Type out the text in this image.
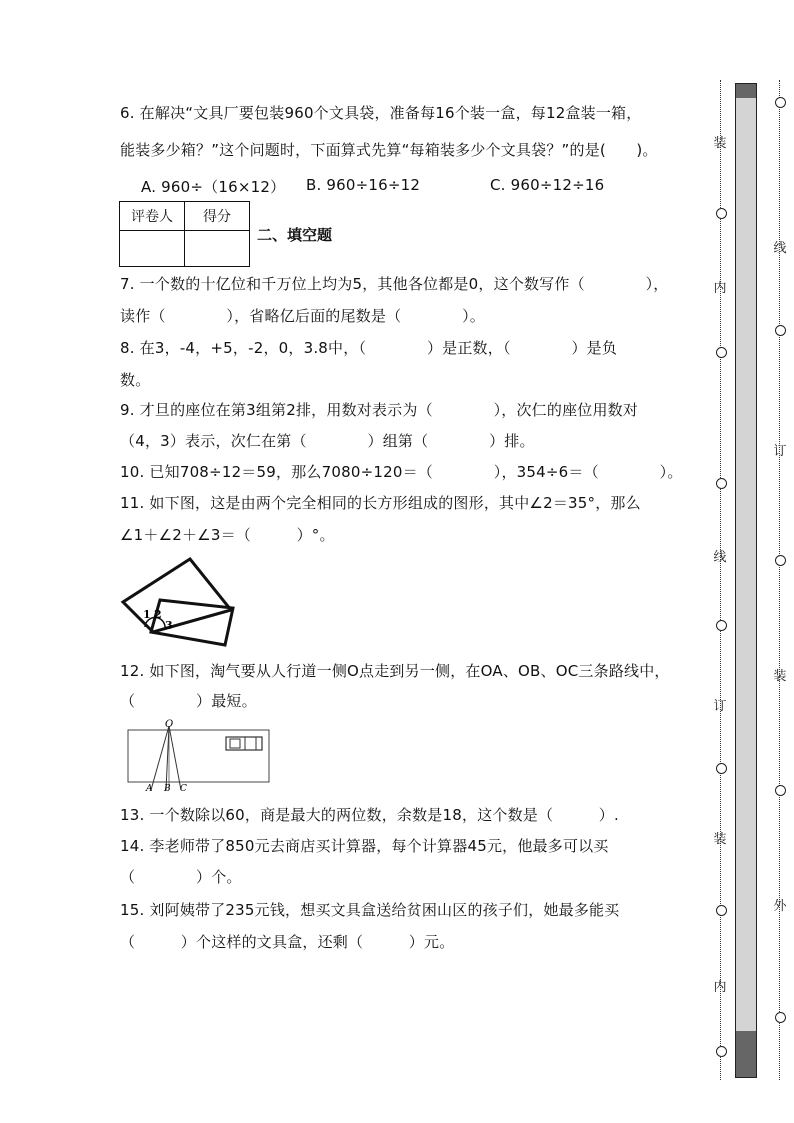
6. 在解决“文具厂要包装960个文具袋，准备每16个装一盒，每12盒装一箱，
能装多少箱？”这个问题时，下面算式先算“每箱装多少个文具袋？”的是(　　)。
A. 960÷（16×12） B. 960÷16÷12	C. 960÷12÷16
评卷人	得分

二、填空题
7. 一个数的十亿位和千万位上均为5，其他各位都是0，这个数写作（　　　　），
读作（　　　　），省略亿后面的尾数是（　　　　）。
8. 在3，-4，+5，-2，0，3.8中，（　　　　）是正数，（　　　　）是负
数。
9. 才旦的座位在第3组第2排，用数对表示为（　　　　），次仁的座位用数对
（4，3）表示，次仁在第（　　　　）组第（　　　　）排。
10. 已知708÷12＝59，那么7080÷120＝（　　　　），354÷6＝（　　　　）。
11. 如下图，这是由两个完全相同的长方形组成的图形，其中∠2＝35°，那么
∠1＋∠2＋∠3＝（　　　）°。
1 2
3
12. 如下图，淘气要从人行道一侧O点走到另一侧，在OA、OB、OC三条路线中，
（　　　　）最短。
O
A B C
13. 一个数除以60，商是最大的两位数，余数是18，这个数是（　　　）.
14. 李老师带了850元去商店买计算器，每个计算器45元，他最多可以买
（　　　　）个。
15. 刘阿姨带了235元钱，想买文具盒送给贫困山区的孩子们，她最多能买
（　　　）个这样的文具盒，还剩（　　　）元。
装
内
线
订
装
内
线
订
装
外
